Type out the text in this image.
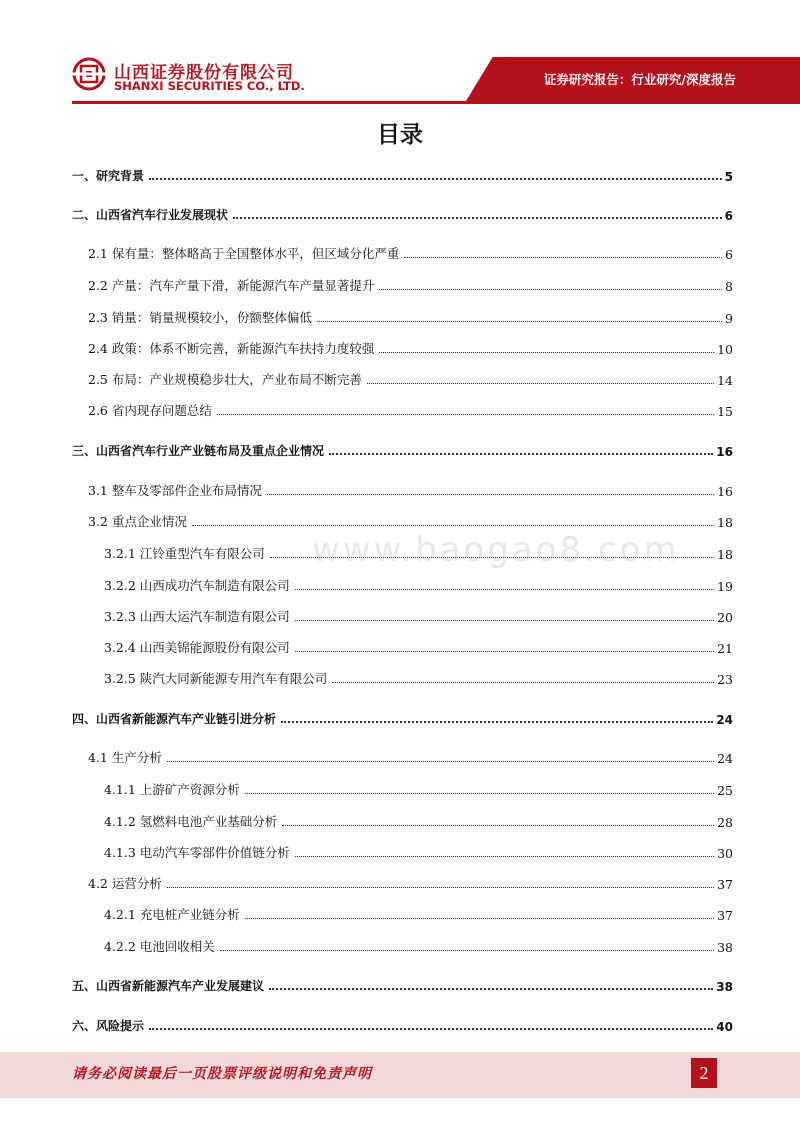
山西证券股份有限公司
SHANXI SECURITIES CO., LTD.	证券研究报告：行业研究/深度报告
目录
一、研究背景	5
二、山西省汽车行业发展现状	6
2.1 保有量：整体略高于全国整体水平，但区域分化严重	6
2.2 产量：汽车产量下滑，新能源汽车产量显著提升	8
2.3 销量：销量规模较小，份额整体偏低	9
2.4 政策：体系不断完善，新能源汽车扶持力度较强	10
2.5 布局：产业规模稳步壮大，产业布局不断完善	14
2.6 省内现存问题总结	15
三、山西省汽车行业产业链布局及重点企业情况	16
3.1 整车及零部件企业布局情况	16
3.2 重点企业情况	18
3.2.1 江铃重型汽车有限公司	18
3.2.2 山西成功汽车制造有限公司	19
3.2.3 山西大运汽车制造有限公司	20
3.2.4 山西美锦能源股份有限公司	21
3.2.5 陕汽大同新能源专用汽车有限公司	23
四、山西省新能源汽车产业链引进分析	24
4.1 生产分析	24
4.1.1 上游矿产资源分析	25
4.1.2 氢燃料电池产业基础分析	28
4.1.3 电动汽车零部件价值链分析	30
4.2 运营分析	37
4.2.1 充电桩产业链分析	37
4.2.2 电池回收相关	38
五、山西省新能源汽车产业发展建议	38
六、风险提示	40
www.baogao8.com
请务必阅读最后一页股票评级说明和免责声明	2
